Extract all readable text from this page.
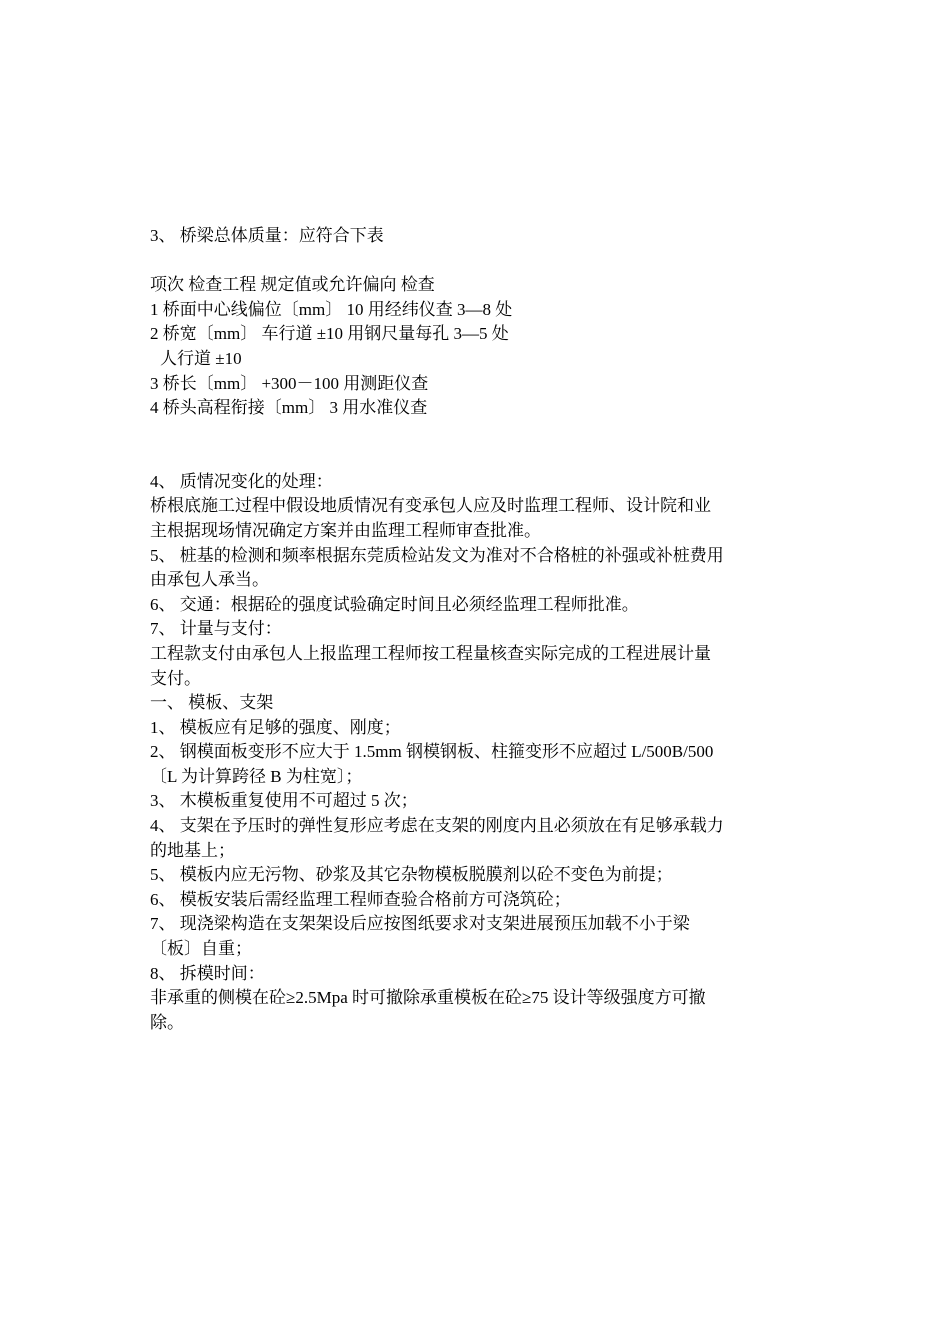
3、 桥梁总体质量：应符合下表
项次 检查工程 规定值或允许偏向 检查
1 桥面中心线偏位〔mm〕 10 用经纬仪查 3—8 处
2 桥宽〔mm〕 车行道 ±10 用钢尺量每孔 3—5 处
人行道 ±10
3 桥长〔mm〕 +300－100 用测距仪查
4 桥头高程衔接〔mm〕 3 用水准仪查
4、 质情况变化的处理：
桥根底施工过程中假设地质情况有变承包人应及时监理工程师、设计院和业
主根据现场情况确定方案并由监理工程师审查批准。
5、 桩基的检测和频率根据东莞质检站发文为准对不合格桩的补强或补桩费用
由承包人承当。
6、 交通：根据砼的强度试验确定时间且必须经监理工程师批准。
7、 计量与支付：
工程款支付由承包人上报监理工程师按工程量核查实际完成的工程进展计量
支付。
一、 模板、支架
1、 模板应有足够的强度、刚度；
2、 钢模面板变形不应大于 1.5mm 钢模钢板、柱箍变形不应超过 L/500B/500
〔L 为计算跨径 B 为柱宽〕；
3、 木模板重复使用不可超过 5 次；
4、 支架在予压时的弹性复形应考虑在支架的刚度内且必须放在有足够承载力
的地基上；
5、 模板内应无污物、砂浆及其它杂物模板脱膜剂以砼不变色为前提；
6、 模板安装后需经监理工程师查验合格前方可浇筑砼；
7、 现浇梁构造在支架架设后应按图纸要求对支架进展预压加载不小于梁
〔板〕自重；
8、 拆模时间：
非承重的侧模在砼≥2.5Mpa 时可撤除承重模板在砼≥75 设计等级强度方可撤
除。
